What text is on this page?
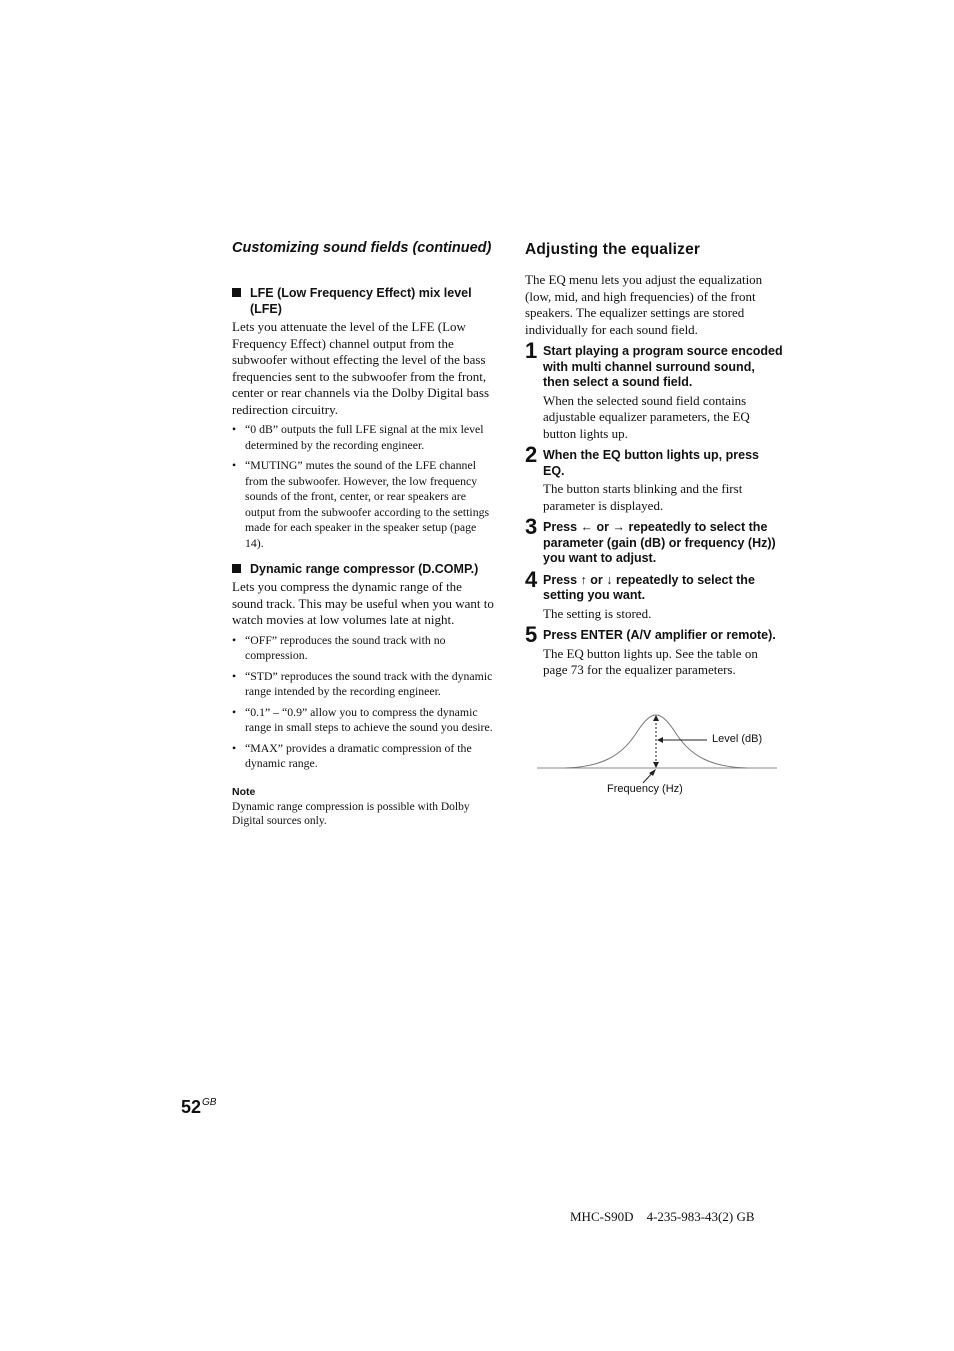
Customizing sound fields (continued)
LFE (Low Frequency Effect) mix level (LFE)

Lets you attenuate the level of the LFE (Low Frequency Effect) channel output from the subwoofer without effecting the level of the bass frequencies sent to the subwoofer from the front, center or rear channels via the Dolby Digital bass redirection circuitry.

• “0 dB” outputs the full LFE signal at the mix level determined by the recording engineer.
• “MUTING” mutes the sound of the LFE channel from the subwoofer. However, the low frequency sounds of the front, center, or rear speakers are output from the subwoofer according to the settings made for each speaker in the speaker setup (page 14).
Dynamic range compressor (D.COMP.)

Lets you compress the dynamic range of the sound track. This may be useful when you want to watch movies at low volumes late at night.

• “OFF” reproduces the sound track with no compression.
• “STD” reproduces the sound track with the dynamic range intended by the recording engineer.
• “0.1” – “0.9” allow you to compress the dynamic range in small steps to achieve the sound you desire.
• “MAX” provides a dramatic compression of the dynamic range.
Note
Dynamic range compression is possible with Dolby Digital sources only.
Adjusting the equalizer

The EQ menu lets you adjust the equalization (low, mid, and high frequencies) of the front speakers. The equalizer settings are stored individually for each sound field.

1 Start playing a program source encoded with multi channel surround sound, then select a sound field.
When the selected sound field contains adjustable equalizer parameters, the EQ button lights up.
2 When the EQ button lights up, press EQ.
The button starts blinking and the first parameter is displayed.
3 Press ← or → repeatedly to select the parameter (gain (dB) or frequency (Hz)) you want to adjust.
4 Press ↑ or ↓ repeatedly to select the setting you want.
The setting is stored.
5 Press ENTER (A/V amplifier or remote).
The EQ button lights up. See the table on page 73 for the equalizer parameters.
Level (dB)
Frequency (Hz)
$52^{GB}$
MHC-S90D    4-235-983-43(2) GB
